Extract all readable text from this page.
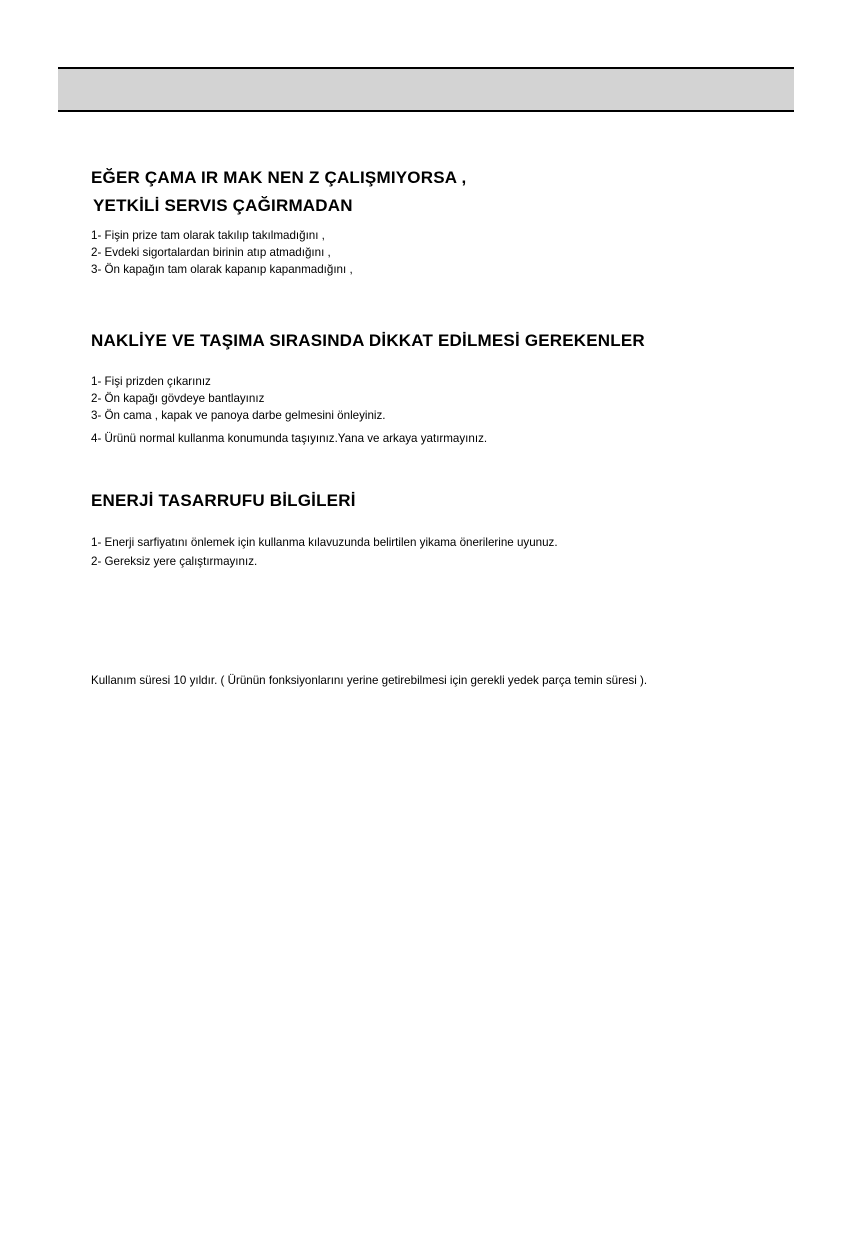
EĞER ÇAMA IR MAK NEN Z ÇALIŞMIYORSA ,
YETKİLİ SERVIS ÇAĞIRMADAN
1- Fişin prize tam olarak takılıp takılmadığını ,
2- Evdeki sigortalardan birinin atıp atmadığını ,
3- Ön kapağın tam olarak kapanıp kapanmadığını ,
NAKLİYE VE TAŞIMA SIRASINDA DİKKAT EDİLMESİ GEREKENLER
1- Fişi prizden çıkarınız
2- Ön kapağı gövdeye bantlayınız
3- Ön cama , kapak ve panoya darbe gelmesini önleyiniz.
4- Ürünü normal kullanma konumunda taşıyınız.Yana ve arkaya yatırmayınız.
ENERJİ TASARRUFU BİLGİLERİ
1- Enerji sarfiyatını önlemek için kullanma kılavuzunda belirtilen yikama önerilerine uyunuz.
2- Gereksiz yere çalıştırmayınız.
Kullanım süresi 10 yıldır. ( Ürünün fonksiyonlarını yerine getirebilmesi için gerekli yedek parça temin süresi ).
